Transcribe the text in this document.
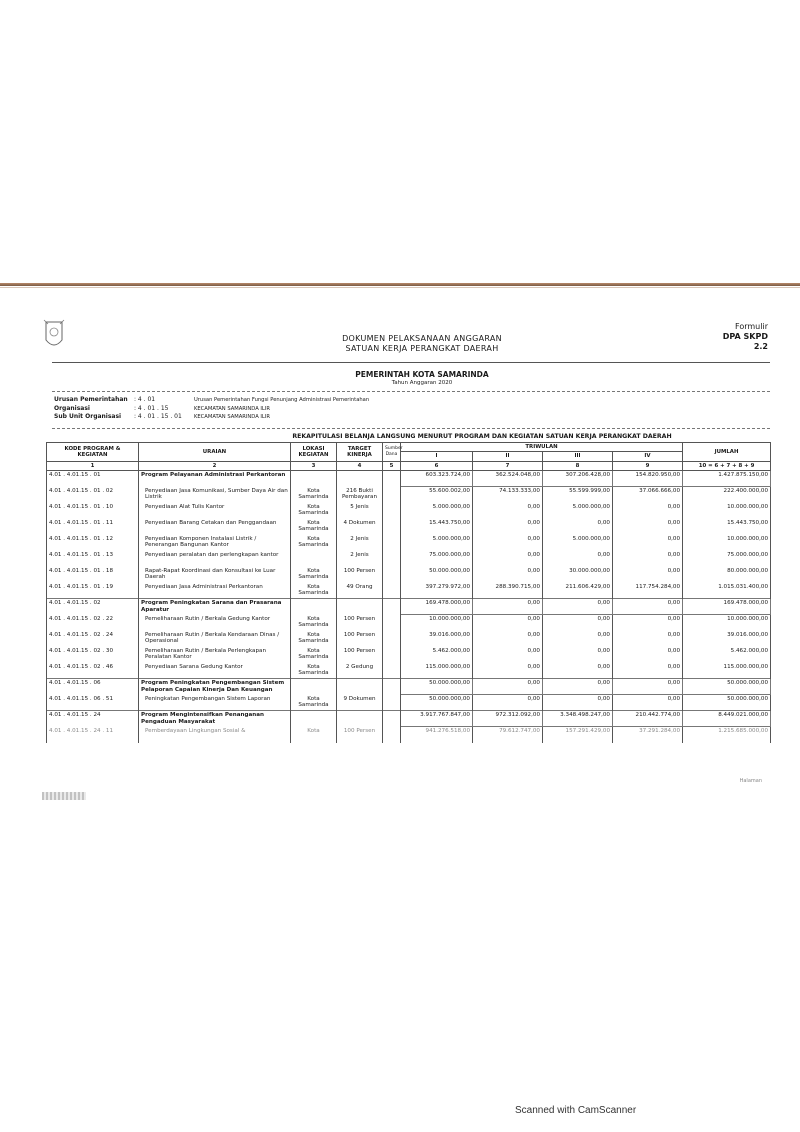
DOKUMEN PELAKSANAAN ANGGARAN
SATUAN KERJA PERANGKAT DAERAH
Formulir
DPA SKPD
2.2
PEMERINTAH KOTA SAMARINDA
Tahun Anggaran 2020
Urusan Pemerintahan	: 4 . 01	Urusan Pemerintahan Fungsi Penunjang Administrasi Pemerintahan
Organisasi	: 4 . 01 . 15	KECAMATAN SAMARINDA ILIR
Sub Unit Organisasi	: 4 . 01 . 15 . 01	KECAMATAN SAMARINDA ILIR
REKAPITULASI BELANJA LANGSUNG MENURUT PROGRAM DAN KEGIATAN SATUAN KERJA PERANGKAT DAERAH
KODE PROGRAM & KEGIATAN	URAIAN	LOKASI KEGIATAN	TARGET KINERJA	Sumber Dana	TRIWULAN				JUMLAH
					I	II	III	IV	
1	2	3	4	5	6	7	8	9	10 = 6 + 7 + 8 + 9
4.01 . 4.01.15 . 01	Program Pelayanan Administrasi Perkantoran				603.323.724,00	362.524.048,00	307.206.428,00	154.820.950,00	1.427.875.150,00
4.01 . 4.01.15 . 01 . 02	Penyediaan Jasa Komunikasi, Sumber Daya Air dan Listrik	Kota Samarinda	216 Bukti Pembayaran		55.600.002,00	74.133.333,00	55.599.999,00	37.066.666,00	222.400.000,00
4.01 . 4.01.15 . 01 . 10	Penyediaan Alat Tulis Kantor	Kota Samarinda	5 Jenis		5.000.000,00	0,00	5.000.000,00	0,00	10.000.000,00
4.01 . 4.01.15 . 01 . 11	Penyediaan Barang Cetakan dan Penggandaan	Kota Samarinda	4 Dokumen		15.443.750,00	0,00	0,00	0,00	15.443.750,00
4.01 . 4.01.15 . 01 . 12	Penyediaan Komponen Instalasi Listrik / Penerangan Bangunan Kantor	Kota Samarinda	2 Jenis		5.000.000,00	0,00	5.000.000,00	0,00	10.000.000,00
4.01 . 4.01.15 . 01 . 13	Penyediaan peralatan dan perlengkapan kantor		2 Jenis		75.000.000,00	0,00	0,00	0,00	75.000.000,00
4.01 . 4.01.15 . 01 . 18	Rapat-Rapat Koordinasi dan Konsultasi ke Luar Daerah	Kota Samarinda	100 Persen		50.000.000,00	0,00	30.000.000,00	0,00	80.000.000,00
4.01 . 4.01.15 . 01 . 19	Penyediaan Jasa Administrasi Perkantoran	Kota Samarinda	49 Orang		397.279.972,00	288.390.715,00	211.606.429,00	117.754.284,00	1.015.031.400,00
4.01 . 4.01.15 . 02	Program Peningkatan Sarana dan Prasarana Aparatur				169.478.000,00	0,00	0,00	0,00	169.478.000,00
4.01 . 4.01.15 . 02 . 22	Pemeliharaan Rutin / Berkala Gedung Kantor	Kota Samarinda	100 Persen		10.000.000,00	0,00	0,00	0,00	10.000.000,00
4.01 . 4.01.15 . 02 . 24	Pemeliharaan Rutin / Berkala Kendaraan Dinas / Operasional	Kota Samarinda	100 Persen		39.016.000,00	0,00	0,00	0,00	39.016.000,00
4.01 . 4.01.15 . 02 . 30	Pemeliharaan Rutin / Berkala Perlengkapan Peralatan Kantor	Kota Samarinda	100 Persen		5.462.000,00	0,00	0,00	0,00	5.462.000,00
4.01 . 4.01.15 . 02 . 46	Penyediaan Sarana Gedung Kantor	Kota Samarinda	2 Gedung		115.000.000,00	0,00	0,00	0,00	115.000.000,00
4.01 . 4.01.15 . 06	Program Peningkatan Pengembangan Sistem Pelaporan Capaian Kinerja Dan Keuangan				50.000.000,00	0,00	0,00	0,00	50.000.000,00
4.01 . 4.01.15 . 06 . 51	Peningkatan Pengembangan Sistem Laporan	Kota Samarinda	9 Dokumen		50.000.000,00	0,00	0,00	0,00	50.000.000,00
4.01 . 4.01.15 . 24	Program Mengintensifkan Penanganan Pengaduan Masyarakat				3.917.767.847,00	972.312.092,00	3.348.498.247,00	210.442.774,00	8.449.021.000,00
4.01 . 4.01.15 . 24 . 11	Pemberdayaan Lingkungan Sosial &	Kota	100 Persen		941.276.518,00	79.612.747,00	157.291.429,00	37.291.284,00	1.215.685.000,00
Halaman
Scanned with CamScanner
